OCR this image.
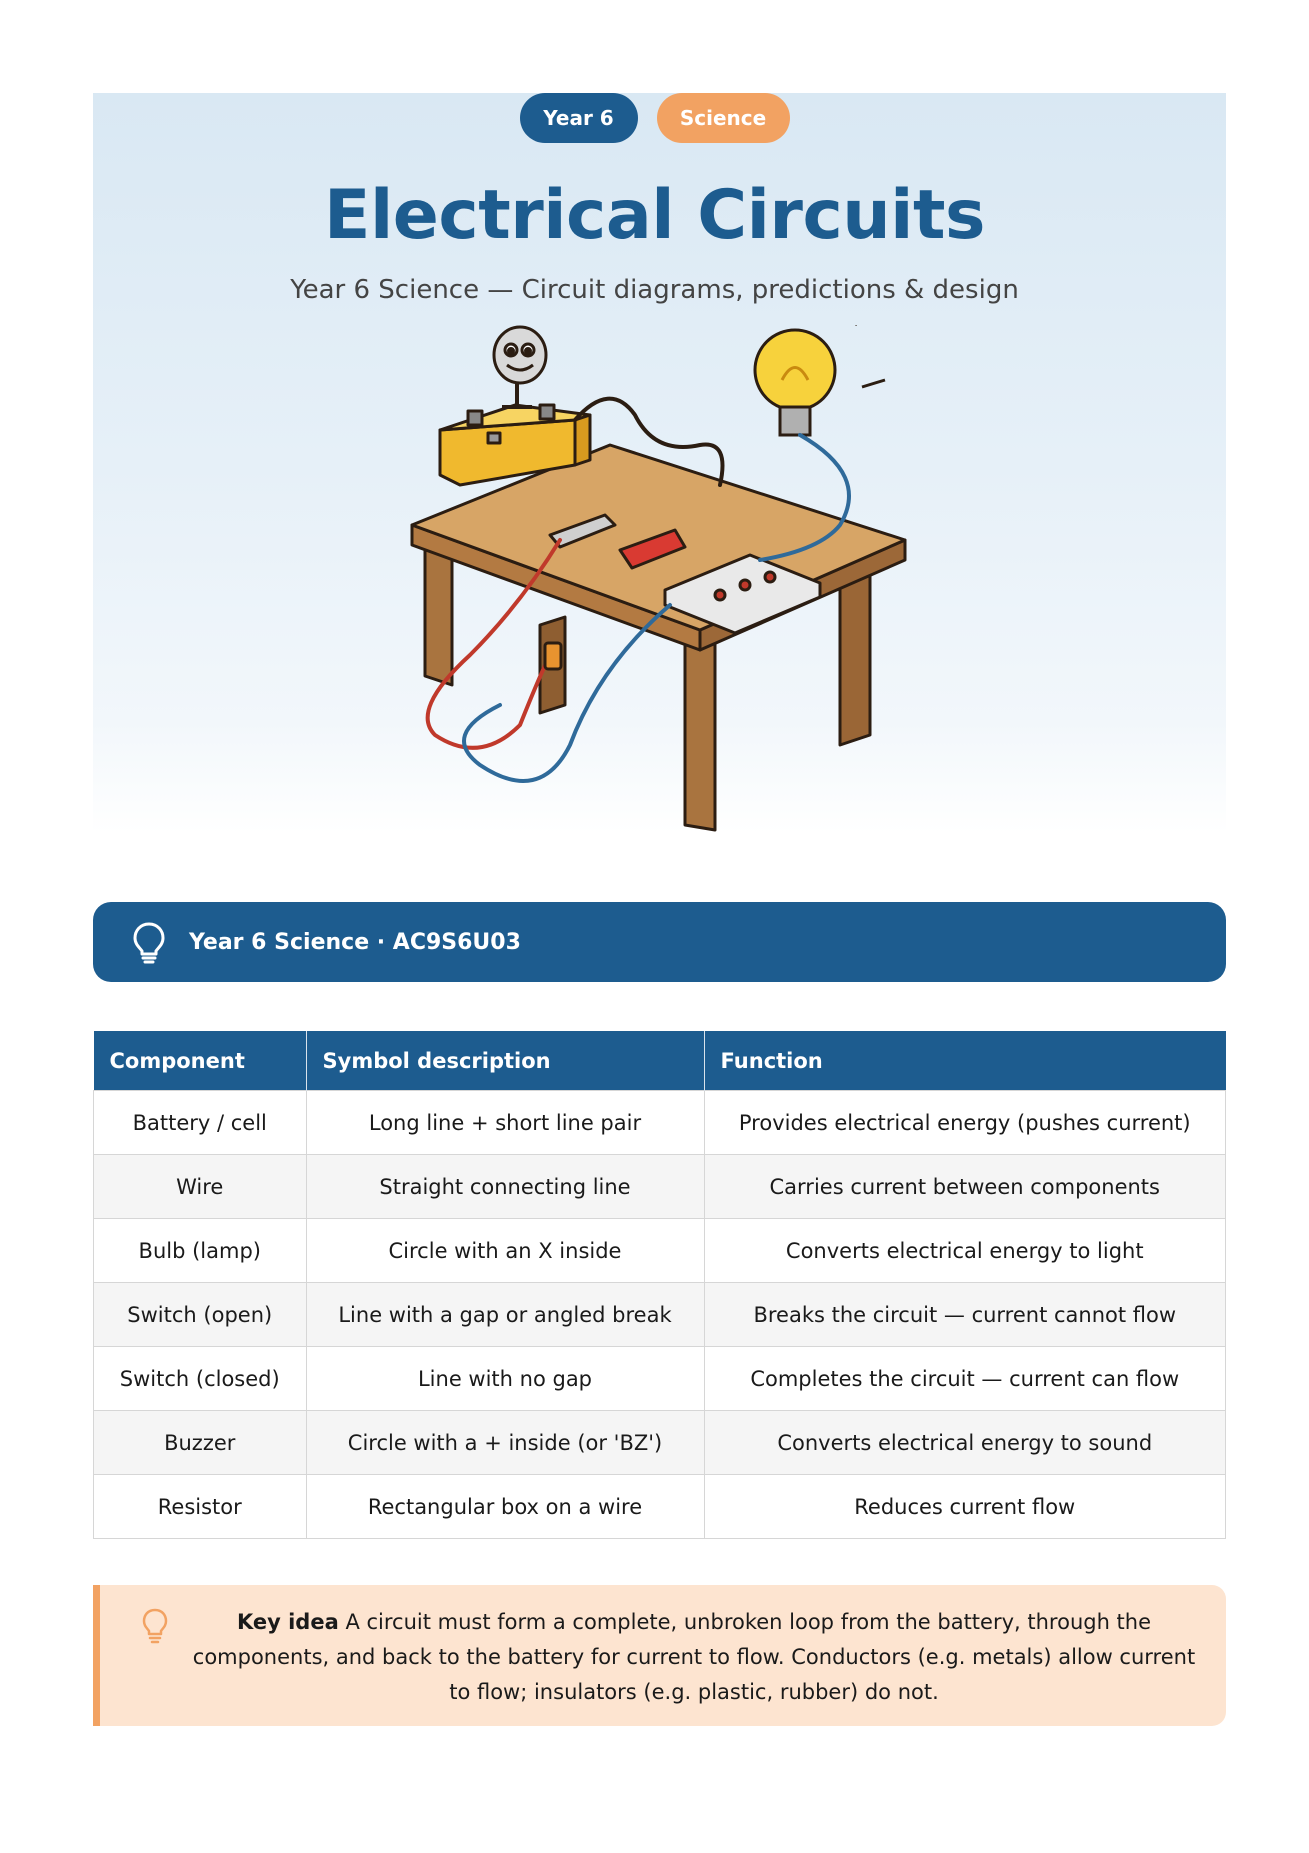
Year 6	Science
Electrical Circuits
Year 6 Science — Circuit diagrams, predictions & design
Year 6 Science · AC9S6U03
Component	Symbol description	Function
Battery / cell	Long line + short line pair	Provides electrical energy (pushes current)
Wire	Straight connecting line	Carries current between components
Bulb (lamp)	Circle with an X inside	Converts electrical energy to light
Switch (open)	Line with a gap or angled break	Breaks the circuit — current cannot flow
Switch (closed)	Line with no gap	Completes the circuit — current can flow
Buzzer	Circle with a + inside (or 'BZ')	Converts electrical energy to sound
Resistor	Rectangular box on a wire	Reduces current flow
Key idea A circuit must form a complete, unbroken loop from the battery, through the components, and back to the battery for current to flow. Conductors (e.g. metals) allow current to flow; insulators (e.g. plastic, rubber) do not.
